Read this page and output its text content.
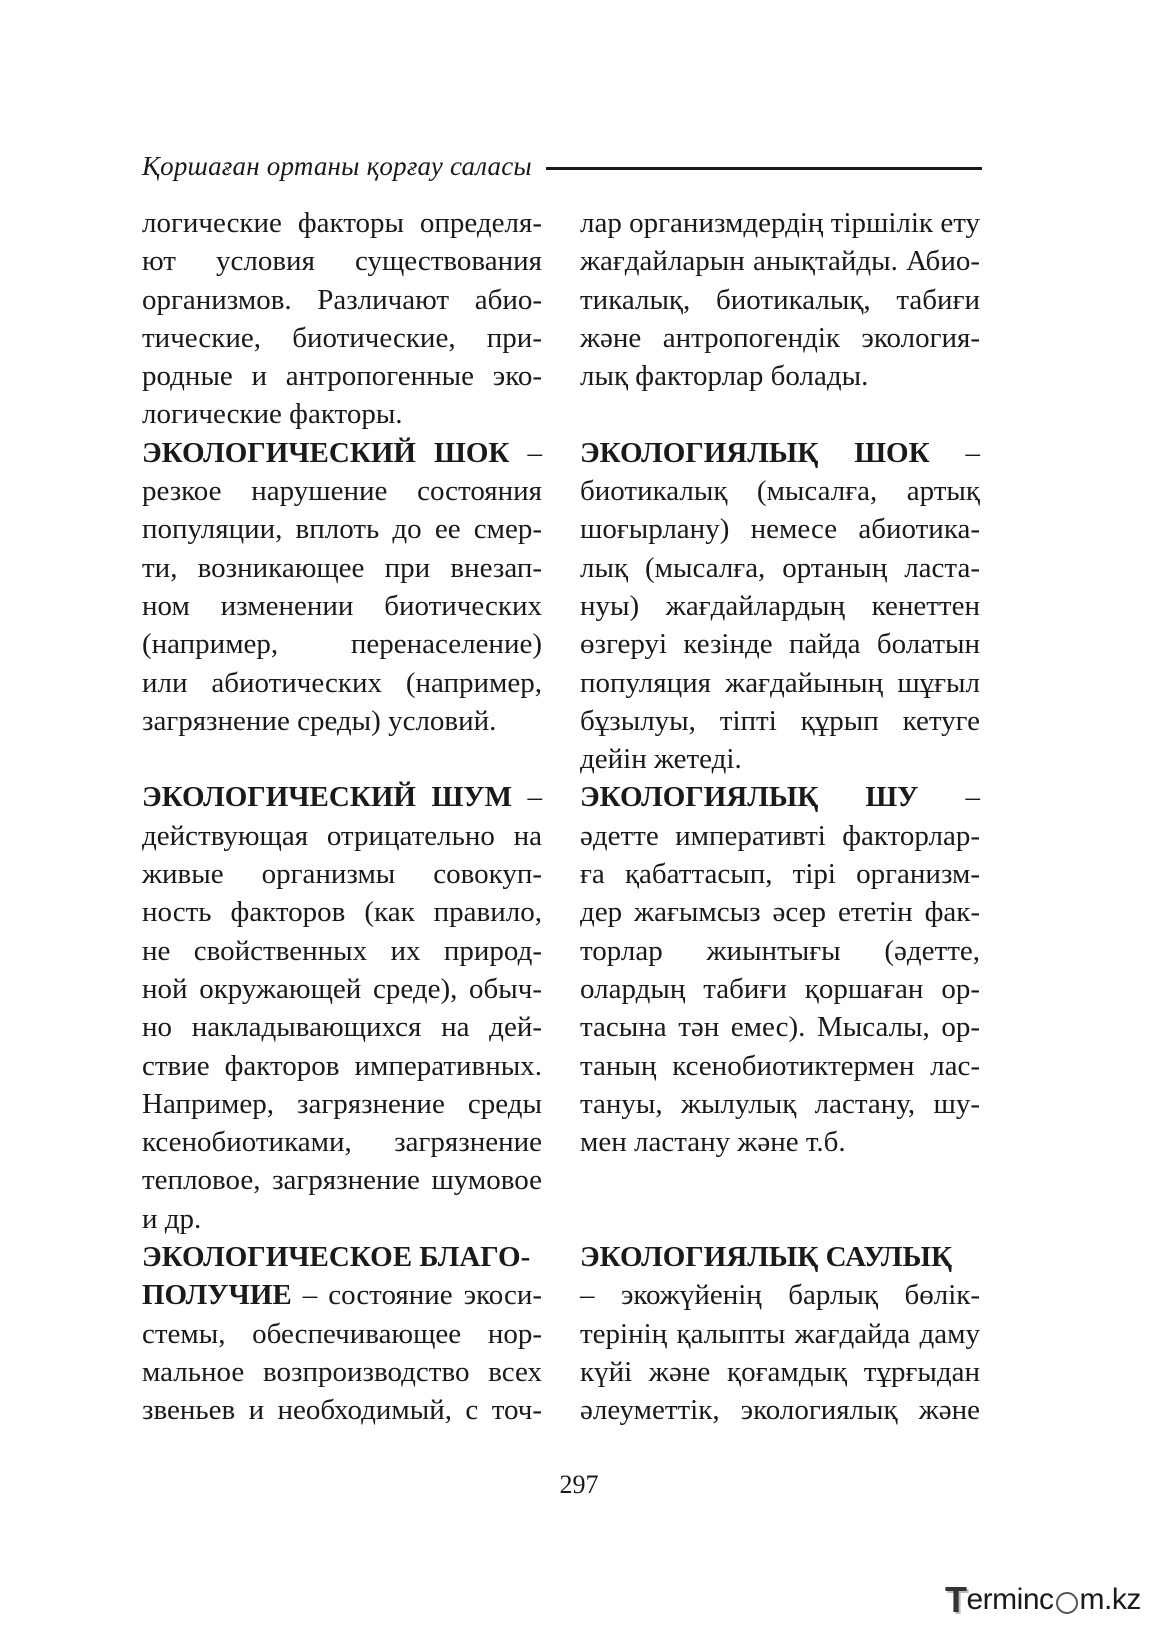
Қоршаған ортаны қорғау саласы
логические факторы определя-
ют условия существования
организмов. Различают абио-
тические, биотические, при-
родные и антропогенные эко-
логические факторы.
ЭКОЛОГИЧЕСКИЙ ШОК –
резкое нарушение состояния
популяции, вплоть до ее смер-
ти, возникающее при внезап-
ном изменении биотических
(например, перенаселение)
или абиотических (например,
загрязнение среды) условий.
ЭКОЛОГИЧЕСКИЙ ШУМ –
действующая отрицательно на
живые организмы совокуп-
ность факторов (как правило,
не свойственных их природ-
ной окружающей среде), обыч-
но накладывающихся на дей-
ствие факторов императивных.
Например, загрязнение среды
ксенобиотиками, загрязнение
тепловое, загрязнение шумовое
и др.
ЭКОЛОГИЧЕСКОЕ БЛАГО-
ПОЛУЧИЕ – состояние экоси-
стемы, обеспечивающее нор-
мальное возпроизводство всех
звеньев и необходимый, с точ-
лар организмдердің тіршілік ету
жағдайларын анықтайды. Абио-
тикалық, биотикалық, табиғи
және антропогендік экология-
лық факторлар болады.
ЭКОЛОГИЯЛЫҚ ШОК –
биотикалық (мысалға, артық
шоғырлану) немесе абиотика-
лық (мысалға, ортаның ласта-
нуы) жағдайлардың кенеттен
өзгеруі кезінде пайда болатын
популяция жағдайының шұғыл
бұзылуы, тіпті құрып кетуге
дейін жетеді.
ЭКОЛОГИЯЛЫҚ ШУ –
әдетте императивті факторлар-
ға қабаттасып, тірі организм-
дер жағымсыз әсер ететін фак-
торлар жиынтығы (әдетте,
олардың табиғи қоршаған ор-
тасына тән емес). Мысалы, ор-
таның ксенобиотиктермен лас-
тануы, жылулық ластану, шу-
мен ластану және т.б.
ЭКОЛОГИЯЛЫҚ САУЛЫҚ
– экожүйенің барлық бөлік-
терінің қалыпты жағдайда даму
күйі және қоғамдық тұрғыдан
әлеуметтік, экологиялық және
297
T erminc m.kz
